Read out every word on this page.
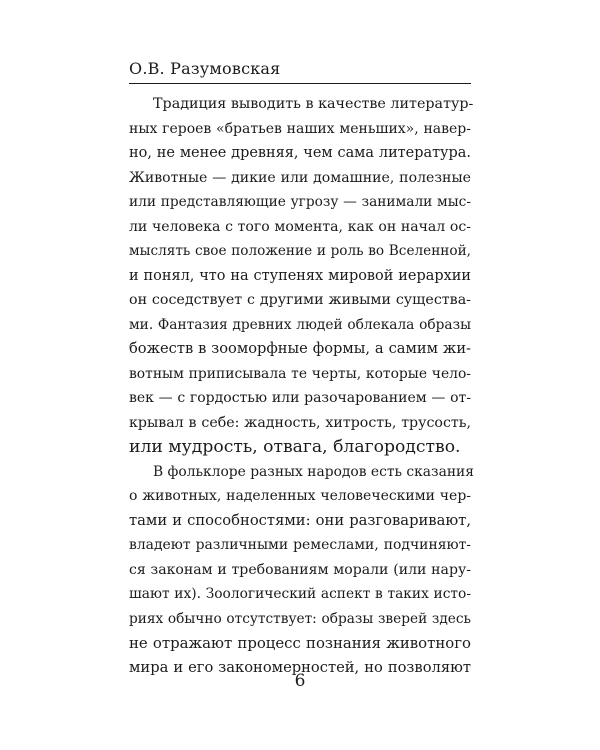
О.В. Разумовская

Традиция выводить в качестве литератур-
ных героев «братьев наших меньших», навер-
но, не менее древняя, чем сама литература.
Животные — дикие или домашние, полезные
или представляющие угрозу — занимали мыс-
ли человека с того момента, как он начал ос-
мыслять свое положение и роль во Вселенной,
и понял, что на ступенях мировой иерархии
он соседствует с другими живыми существа-
ми. Фантазия древних людей облекала образы
божеств в зооморфные формы, а самим жи-
вотным приписывала те черты, которые чело-
век — с гордостью или разочарованием — от-
крывал в себе: жадность, хитрость, трусость,
или мудрость, отвага, благородство.

В фольклоре разных народов есть сказания
о животных, наделенных человеческими чер-
тами и способностями: они разговаривают,
владеют различными ремеслами, подчиняют-
ся законам и требованиям морали (или нару-
шают их). Зоологический аспект в таких исто-
риях обычно отсутствует: образы зверей здесь
не отражают процесс познания животного
мира и его закономерностей, но позволяют

6
